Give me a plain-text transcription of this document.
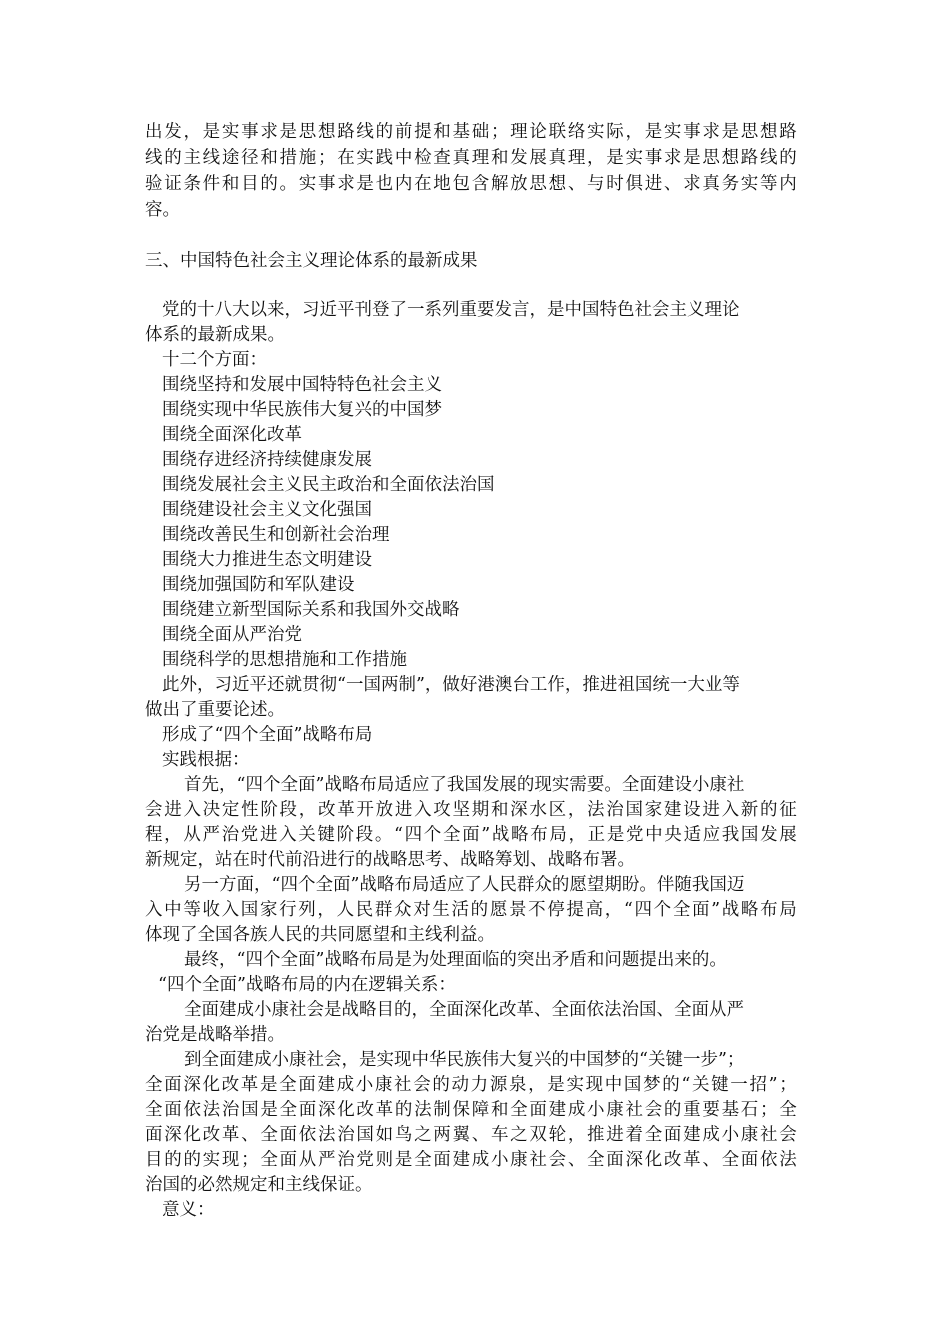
出 发 ， 是 实 事 求 是 思 想 路 线 的 前 提 和 基 础 ； 理 论 联 络 实 际 ， 是 实 事 求 是 思 想 路
线 的 主 线 途 径 和 措 施 ； 在 实 践 中 检 查 真 理 和 发 展 真 理 ， 是 实 事 求 是 思 想 路 线 的
验 证 条 件 和 目 的 。 实 事 求 是 也 内 在 地 包 含 解 放 思 想 、 与 时 俱 进 、 求 真 务 实 等 内
容。
三、中国特色社会主义理论体系的最新成果
党的十八大以来，习近平刊登了一系列重要发言，是中国特色社会主义理论
体系的最新成果。
十二个方面：
围绕坚持和发展中国特特色社会主义
围绕实现中华民族伟大复兴的中国梦
围绕全面深化改革
围绕存进经济持续健康发展
围绕发展社会主义民主政治和全面依法治国
围绕建设社会主义文化强国
围绕改善民生和创新社会治理
围绕大力推进生态文明建设
围绕加强国防和军队建设
围绕建立新型国际关系和我国外交战略
围绕全面从严治党
围绕科学的思想措施和工作措施
此外，习近平还就贯彻“一国两制”，做好港澳台工作，推进祖国统一大业等
做出了重要论述。
形成了“四个全面”战略布局
实践根据：
首先，“四个全面”战略布局适应了我国发展的现实需要。全面建设小康社
会 进 入 决 定 性 阶 段 ， 改 革 开 放 进 入 攻 坚 期 和 深 水 区 ， 法 治 国 家 建 设 进 入 新 的 征
程 ， 从 严 治 党 进 入 关 键 阶 段 。 “ 四 个 全 面 ” 战 略 布 局 ， 正 是 党 中 央 适 应 我 国 发 展
新规定，站在时代前沿进行的战略思考、战略筹划、战略布署。
另一方面，“四个全面”战略布局适应了人民群众的愿望期盼。伴随我国迈
入 中 等 收 入 国 家 行 列 ， 人 民 群 众 对 生 活 的 愿 景 不 停 提 高 ， “ 四 个 全 面 ” 战 略 布 局
体现了全国各族人民的共同愿望和主线利益。
最终，“四个全面”战略布局是为处理面临的突出矛盾和问题提出来的。
“四个全面”战略布局的内在逻辑关系：
全面建成小康社会是战略目的，全面深化改革、全面依法治国、全面从严
治党是战略举措。
到全面建成小康社会，是实现中华民族伟大复兴的中国梦的“关键一步”；
全 面 深 化 改 革 是 全 面 建 成 小 康 社 会 的 动 力 源 泉 ， 是 实 现 中 国 梦 的 “ 关 键 一 招 ” ；
全 面 依 法 治 国 是 全 面 深 化 改 革 的 法 制 保 障 和 全 面 建 成 小 康 社 会 的 重 要 基 石 ； 全
面 深 化 改 革 、 全 面 依 法 治 国 如 鸟 之 两 翼 、 车 之 双 轮 ， 推 进 着 全 面 建 成 小 康 社 会
目 的 的 实 现 ； 全 面 从 严 治 党 则 是 全 面 建 成 小 康 社 会 、 全 面 深 化 改 革 、 全 面 依 法
治国的必然规定和主线保证。
意义：
